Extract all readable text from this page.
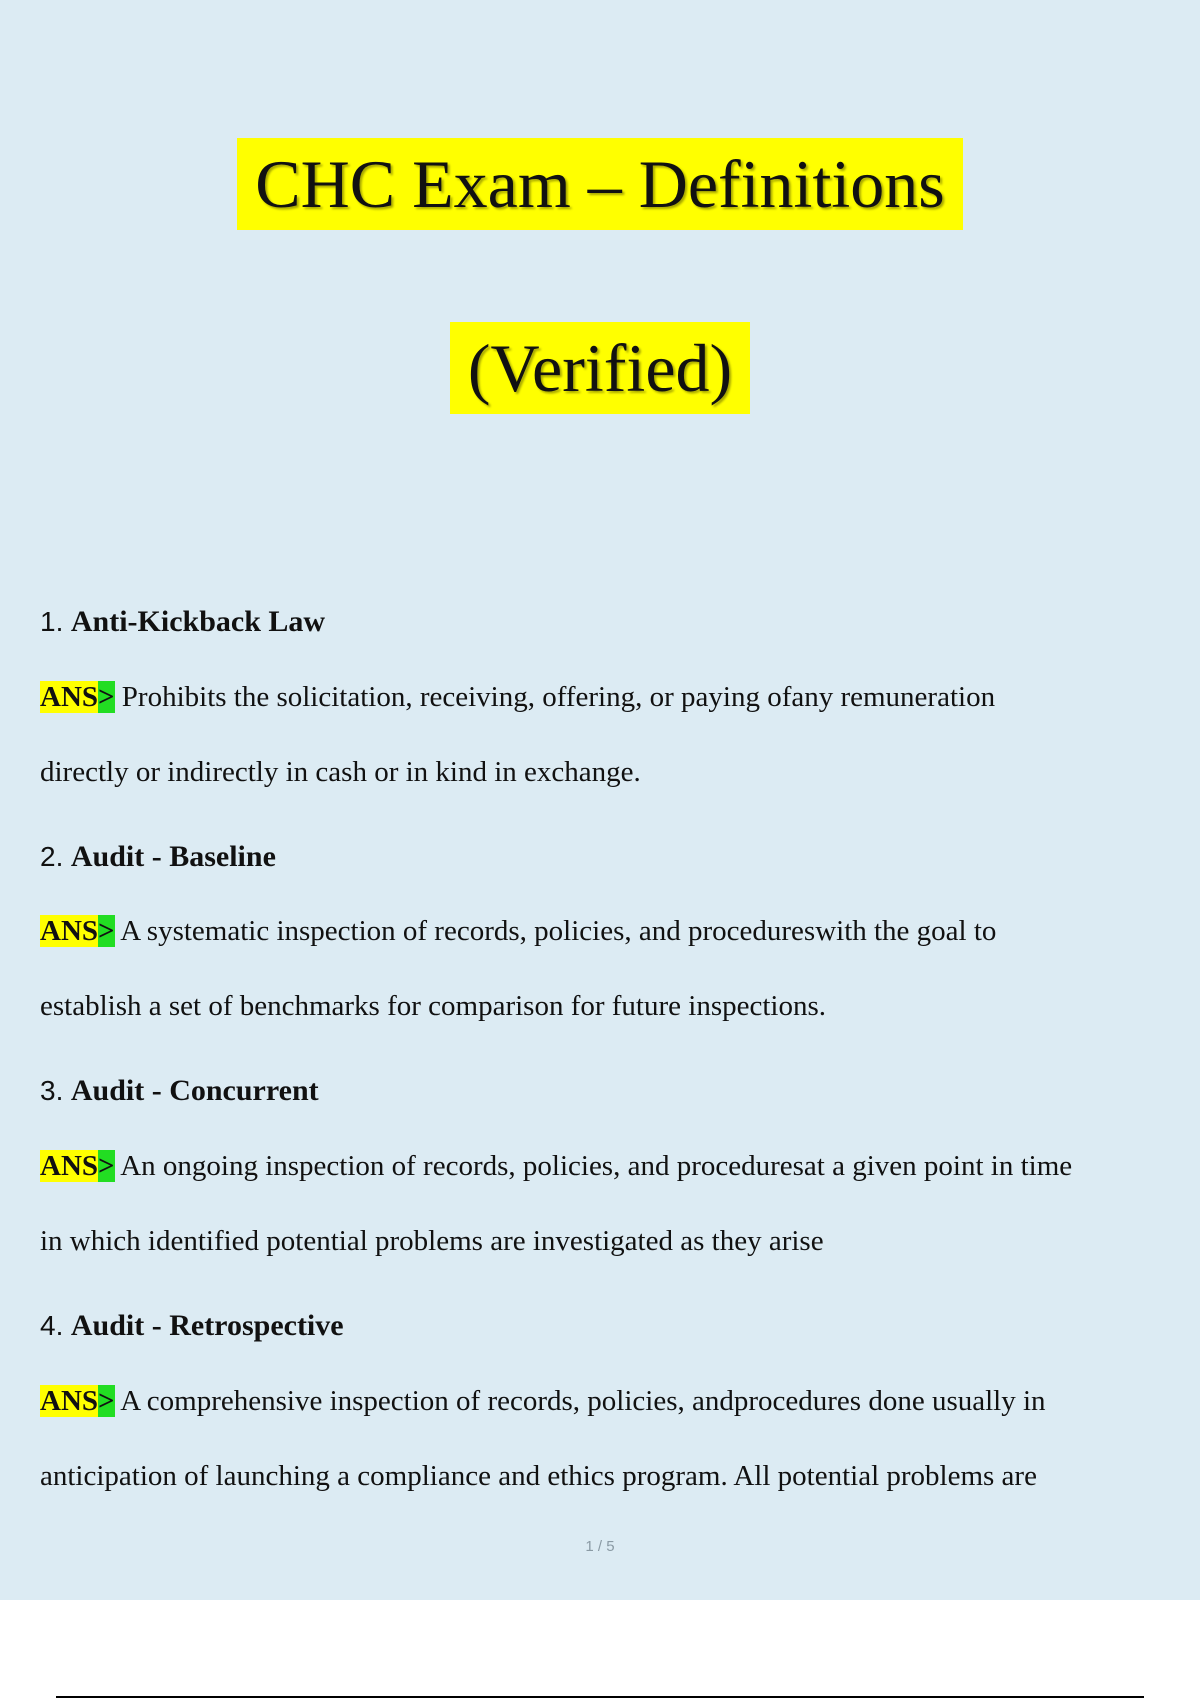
CHC Exam – Definitions
(Verified)
1. Anti-Kickback Law
ANS> Prohibits the solicitation, receiving, offering, or paying ofany remuneration
directly or indirectly in cash or in kind in exchange.
2. Audit - Baseline
ANS> A systematic inspection of records, policies, and procedureswith the goal to
establish a set of benchmarks for comparison for future inspections.
3. Audit - Concurrent
ANS> An ongoing inspection of records, policies, and proceduresat a given point in time
in which identified potential problems are investigated as they arise
4. Audit - Retrospective
ANS> A comprehensive inspection of records, policies, andprocedures done usually in
anticipation of launching a compliance and ethics program. All potential problems are
1 / 5
